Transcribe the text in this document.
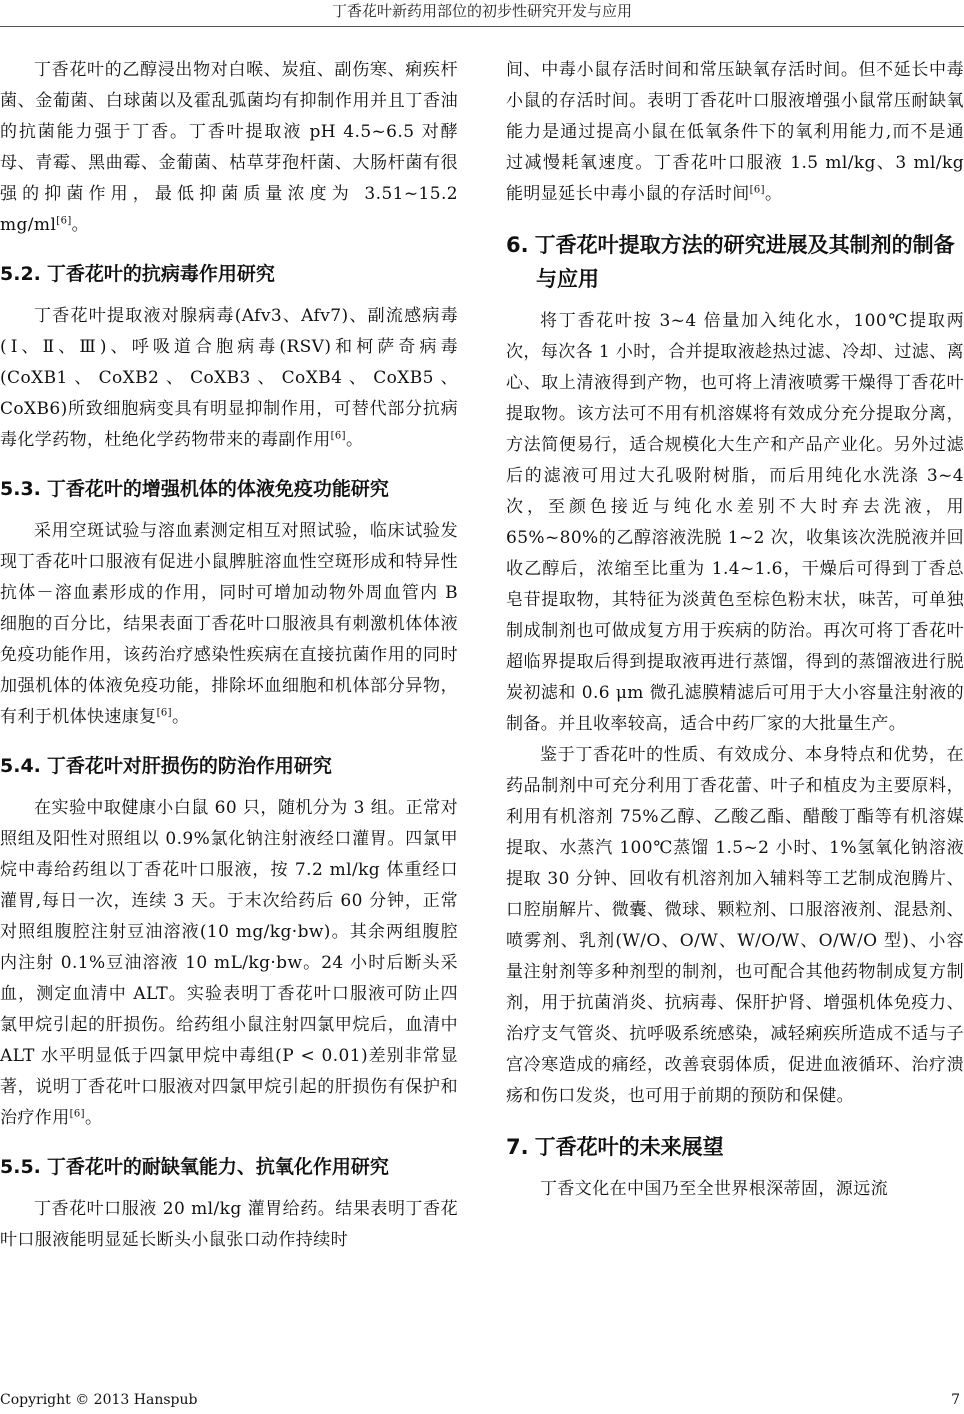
丁香花叶新药用部位的初步性研究开发与应用

丁香花叶的乙醇浸出物对白喉、炭疽、副伤寒、痢疾杆菌、金葡菌、白球菌以及霍乱弧菌均有抑制作用并且丁香油的抗菌能力强于丁香。丁香叶提取液 pH 4.5~6.5 对酵母、青霉、黑曲霉、金葡菌、枯草芽孢杆菌、大肠杆菌有很强的抑菌作用，最低抑菌质量浓度为 3.51~15.2 mg/ml[6]。

5.2. 丁香花叶的抗病毒作用研究

丁香花叶提取液对腺病毒(Afv3、Afv7)、副流感病毒(Ⅰ、Ⅱ、Ⅲ)、呼吸道合胞病毒(RSV)和柯萨奇病毒(CoXB1、CoXB2、CoXB3、CoXB4、CoXB5、CoXB6)所致细胞病变具有明显抑制作用，可替代部分抗病毒化学药物，杜绝化学药物带来的毒副作用[6]。

5.3. 丁香花叶的增强机体的体液免疫功能研究

采用空斑试验与溶血素测定相互对照试验，临床试验发现丁香花叶口服液有促进小鼠脾脏溶血性空斑形成和特异性抗体－溶血素形成的作用，同时可增加动物外周血管内 B 细胞的百分比，结果表面丁香花叶口服液具有刺激机体体液免疫功能作用，该药治疗感染性疾病在直接抗菌作用的同时加强机体的体液免疫功能，排除坏血细胞和机体部分异物，有利于机体快速康复[6]。

5.4. 丁香花叶对肝损伤的防治作用研究

在实验中取健康小白鼠 60 只，随机分为 3 组。正常对照组及阳性对照组以 0.9%氯化钠注射液经口灌胃。四氯甲烷中毒给药组以丁香花叶口服液，按 7.2 ml/kg 体重经口灌胃,每日一次，连续 3 天。于末次给药后 60 分钟，正常对照组腹腔注射豆油溶液(10 mg/kg·bw)。其余两组腹腔内注射 0.1%豆油溶液 10 mL/kg·bw。24 小时后断头采血，测定血清中 ALT。实验表明丁香花叶口服液可防止四氯甲烷引起的肝损伤。给药组小鼠注射四氯甲烷后，血清中 ALT 水平明显低于四氯甲烷中毒组(P < 0.01)差别非常显著，说明丁香花叶口服液对四氯甲烷引起的肝损伤有保护和治疗作用[6]。

5.5. 丁香花叶的耐缺氧能力、抗氧化作用研究

丁香花叶口服液 20 ml/kg 灌胃给药。结果表明丁香花叶口服液能明显延长断头小鼠张口动作持续时

间、中毒小鼠存活时间和常压缺氧存活时间。但不延长中毒小鼠的存活时间。表明丁香花叶口服液增强小鼠常压耐缺氧能力是通过提高小鼠在低氧条件下的氧利用能力,而不是通过减慢耗氧速度。丁香花叶口服液 1.5 ml/kg、3 ml/kg 能明显延长中毒小鼠的存活时间[6]。

6. 丁香花叶提取方法的研究进展及其制剂的制备与应用

将丁香花叶按 3~4 倍量加入纯化水，100℃提取两次，每次各 1 小时，合并提取液趁热过滤、冷却、过滤、离心、取上清液得到产物，也可将上清液喷雾干燥得丁香花叶提取物。该方法可不用有机溶媒将有效成分充分提取分离，方法简便易行，适合规模化大生产和产品产业化。另外过滤后的滤液可用过大孔吸附树脂，而后用纯化水洗涤 3~4 次，至颜色接近与纯化水差别不大时弃去洗液，用 65%~80%的乙醇溶液洗脱 1~2 次，收集该次洗脱液并回收乙醇后，浓缩至比重为 1.4~1.6，干燥后可得到丁香总皂苷提取物，其特征为淡黄色至棕色粉末状，味苦，可单独制成制剂也可做成复方用于疾病的防治。再次可将丁香花叶超临界提取后得到提取液再进行蒸馏，得到的蒸馏液进行脱炭初滤和 0.6 μm 微孔滤膜精滤后可用于大小容量注射液的制备。并且收率较高，适合中药厂家的大批量生产。

鉴于丁香花叶的性质、有效成分、本身特点和优势，在药品制剂中可充分利用丁香花蕾、叶子和植皮为主要原料，利用有机溶剂 75%乙醇、乙酸乙酯、醋酸丁酯等有机溶媒提取、水蒸汽 100℃蒸馏 1.5~2 小时、1%氢氧化钠溶液提取 30 分钟、回收有机溶剂加入辅料等工艺制成泡腾片、口腔崩解片、微囊、微球、颗粒剂、口服溶液剂、混悬剂、喷雾剂、乳剂(W/O、O/W、W/O/W、O/W/O 型)、小容量注射剂等多种剂型的制剂，也可配合其他药物制成复方制剂，用于抗菌消炎、抗病毒、保肝护肾、增强机体免疫力、治疗支气管炎、抗呼吸系统感染，减轻痢疾所造成不适与子宫冷寒造成的痛经，改善衰弱体质，促进血液循环、治疗溃疡和伤口发炎，也可用于前期的预防和保健。

7. 丁香花叶的未来展望

丁香文化在中国乃至全世界根深蒂固，源远流

Copyright © 2013 Hanspub	7
